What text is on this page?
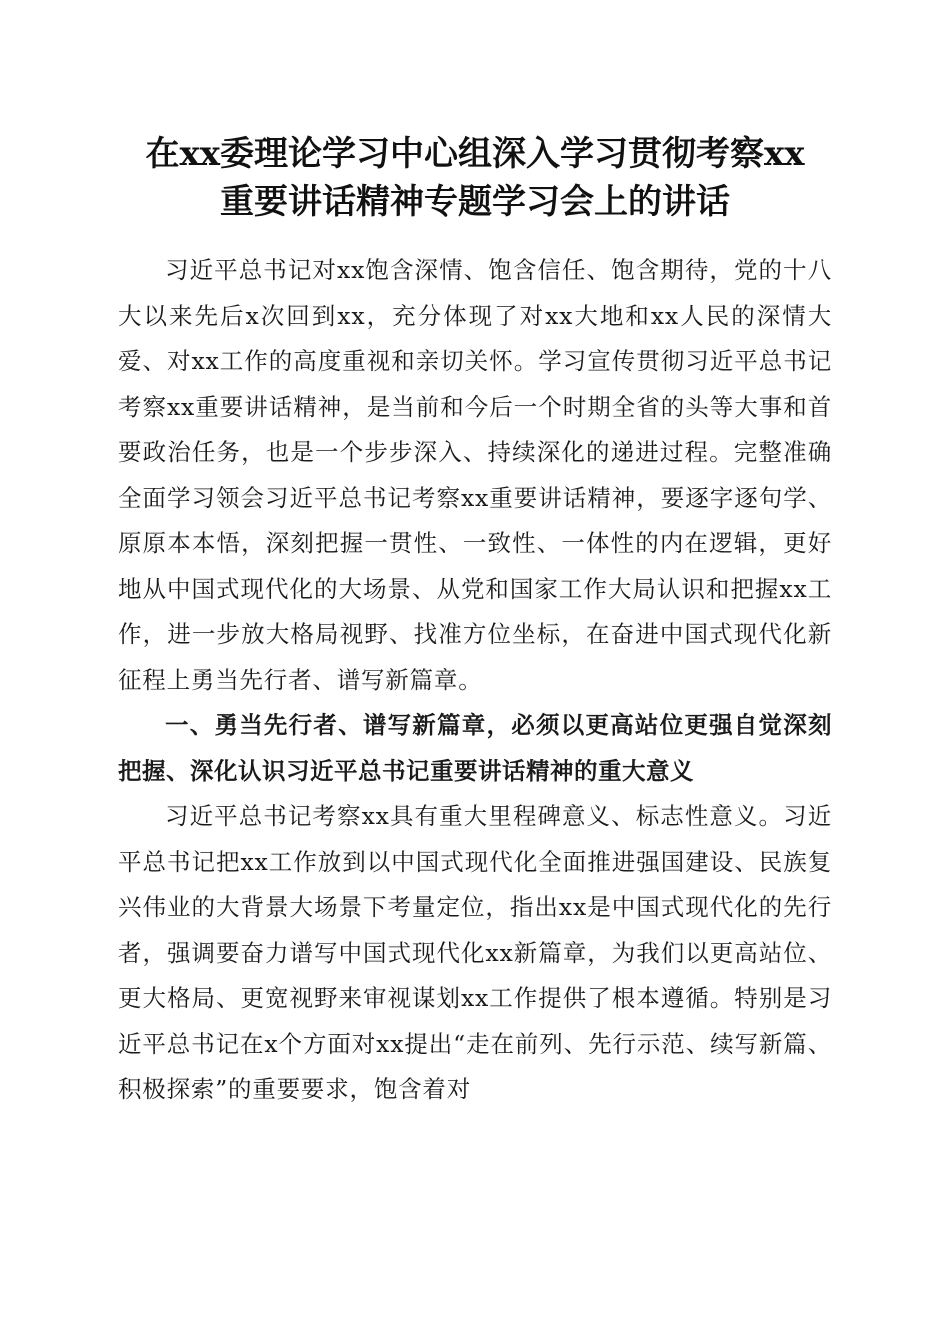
在xx委理论学习中心组深入学习贯彻考察xx
重要讲话精神专题学习会上的讲话

习近平总书记对xx饱含深情、饱含信任、饱含期待，党的十八大以来先后x次回到xx，充分体现了对xx大地和xx人民的深情大爱、对xx工作的高度重视和亲切关怀。学习宣传贯彻习近平总书记考察xx重要讲话精神，是当前和今后一个时期全省的头等大事和首要政治任务，也是一个步步深入、持续深化的递进过程。完整准确全面学习领会习近平总书记考察xx重要讲话精神，要逐字逐句学、原原本本悟，深刻把握一贯性、一致性、一体性的内在逻辑，更好地从中国式现代化的大场景、从党和国家工作大局认识和把握xx工作，进一步放大格局视野、找准方位坐标，在奋进中国式现代化新征程上勇当先行者、谱写新篇章。

一、勇当先行者、谱写新篇章，必须以更高站位更强自觉深刻把握、深化认识习近平总书记重要讲话精神的重大意义

习近平总书记考察xx具有重大里程碑意义、标志性意义。习近平总书记把xx工作放到以中国式现代化全面推进强国建设、民族复兴伟业的大背景大场景下考量定位，指出xx是中国式现代化的先行者，强调要奋力谱写中国式现代化xx新篇章，为我们以更高站位、更大格局、更宽视野来审视谋划xx工作提供了根本遵循。特别是习近平总书记在x个方面对xx提出“走在前列、先行示范、续写新篇、积极探索”的重要要求，饱含着对
